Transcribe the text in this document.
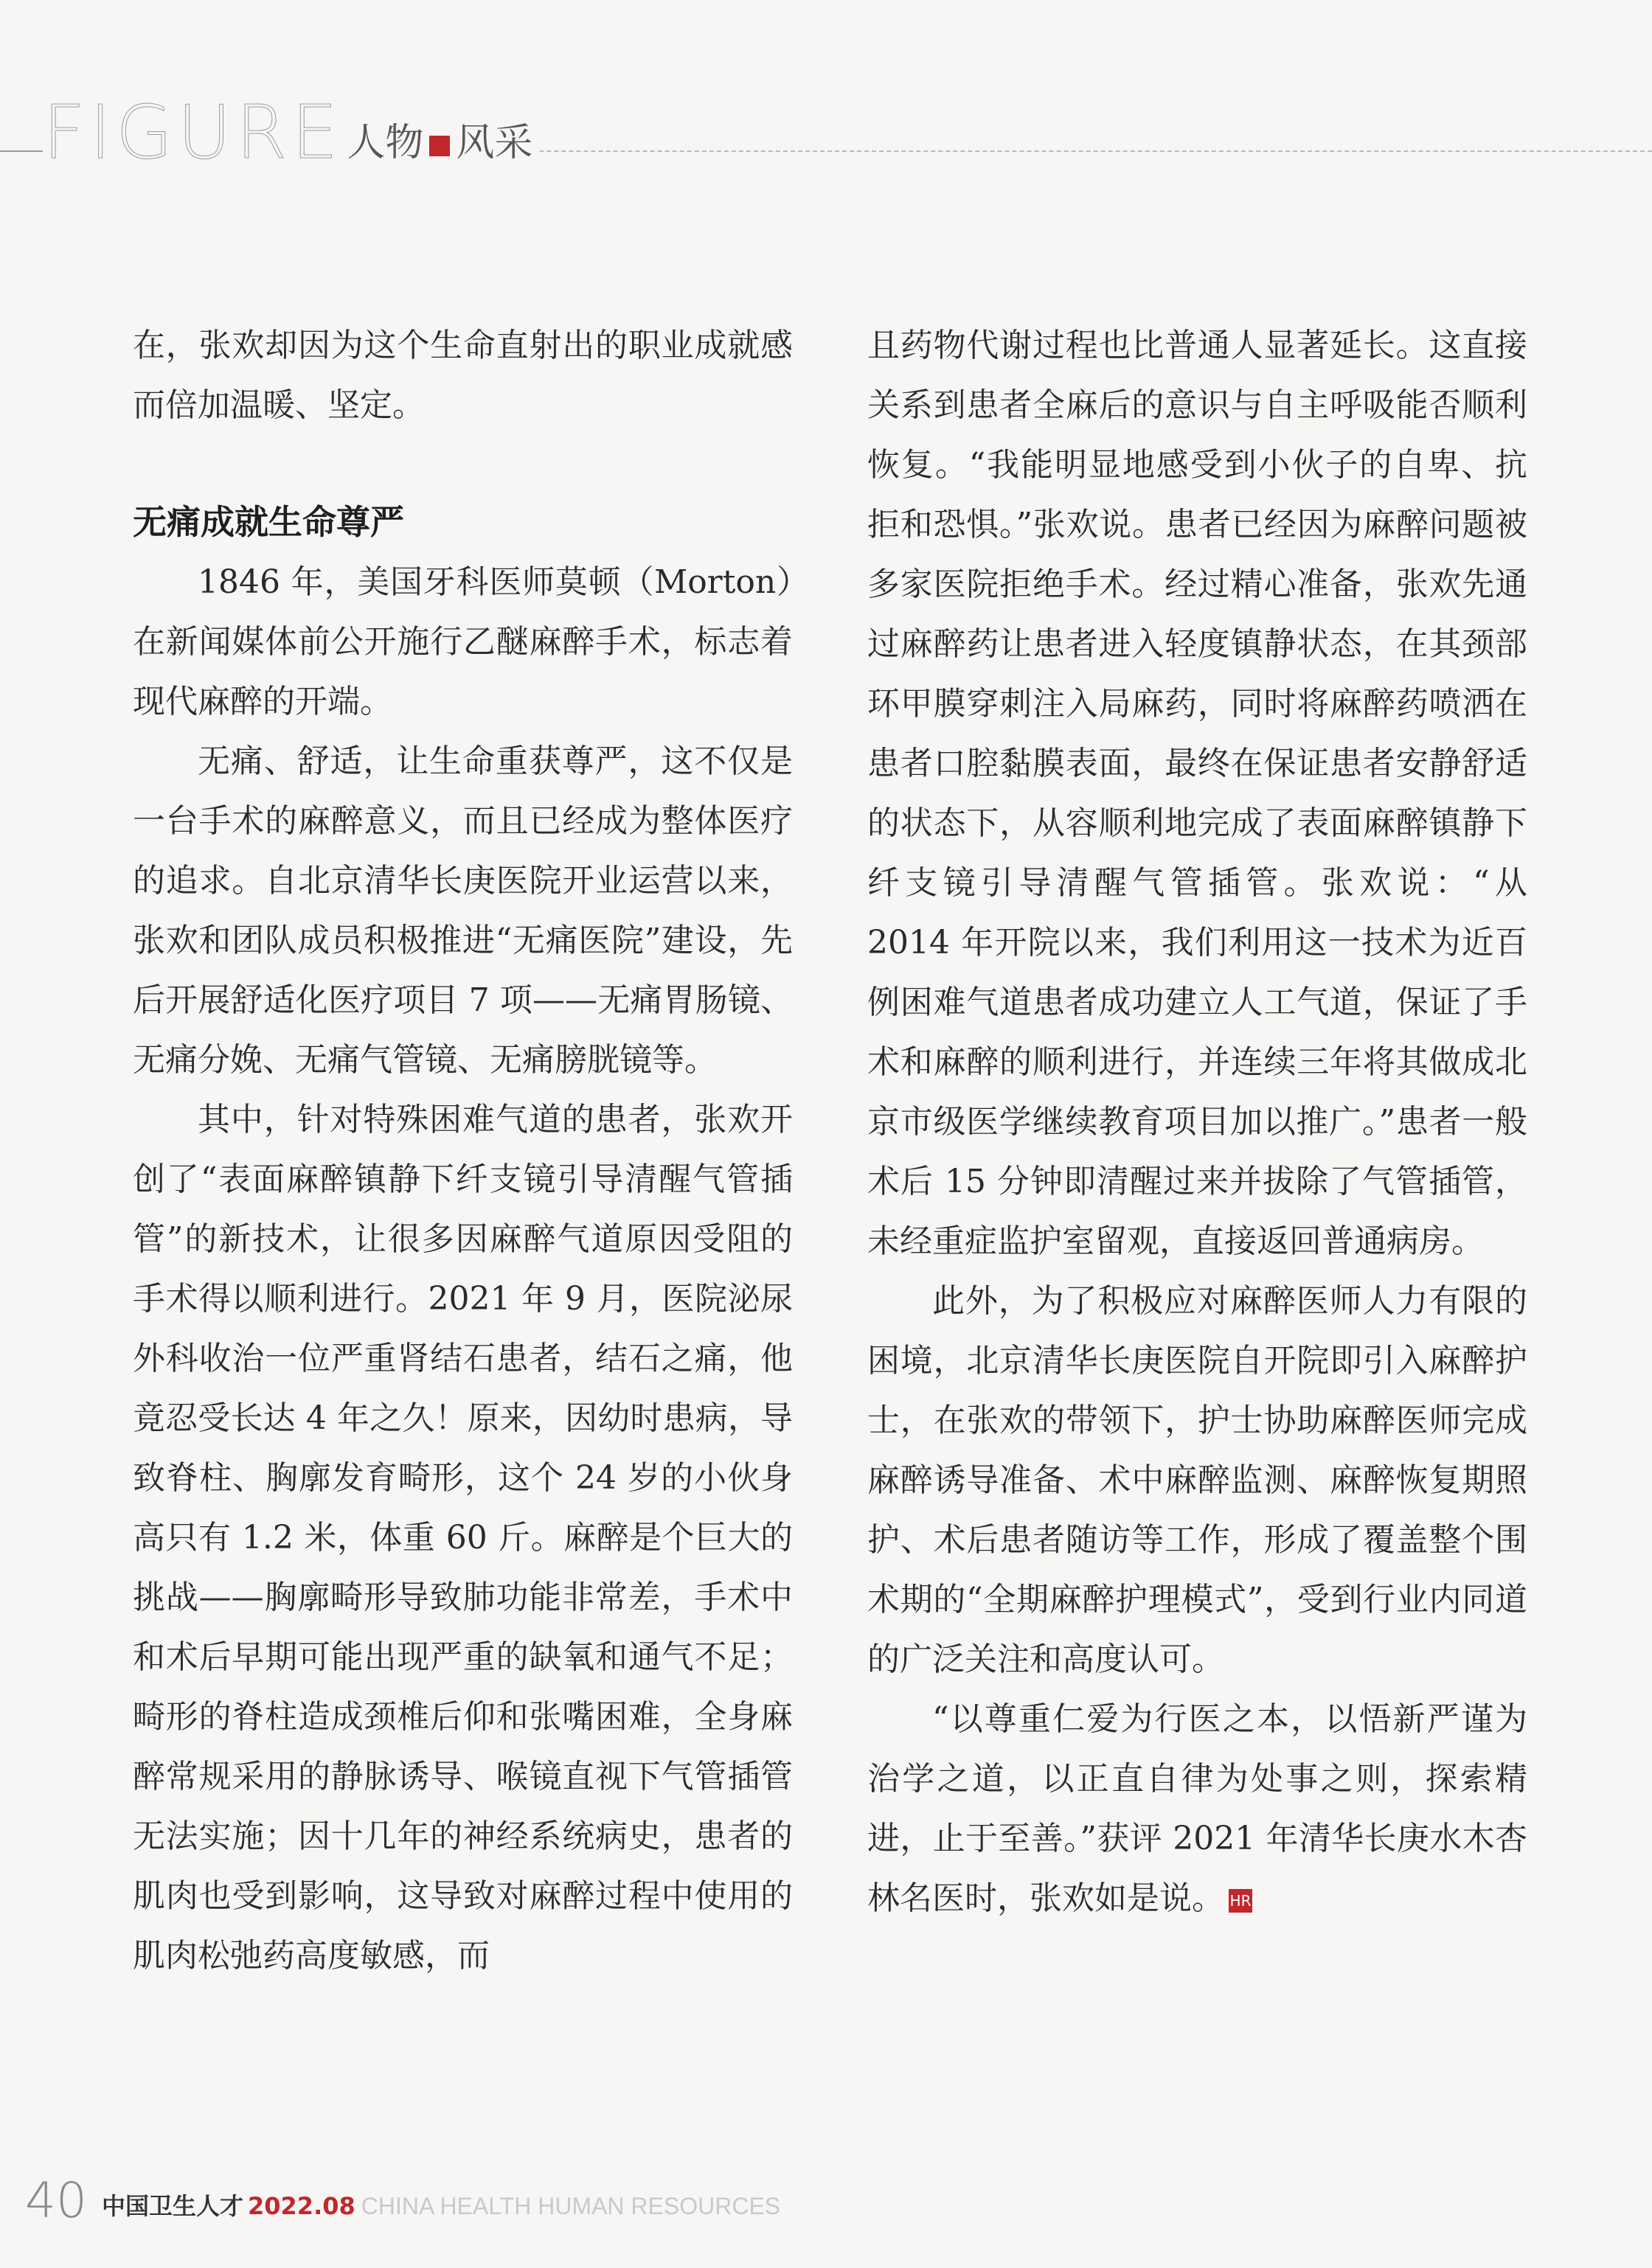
FIGURE 人物 风采

在，张欢却因为这个生命直射出的职业成就感而倍加温暖、坚定。

无痛成就生命尊严

1846 年，美国牙科医师莫顿（Morton）在新闻媒体前公开施行乙醚麻醉手术，标志着现代麻醉的开端。

无痛、舒适，让生命重获尊严，这不仅是一台手术的麻醉意义，而且已经成为整体医疗的追求。自北京清华长庚医院开业运营以来，张欢和团队成员积极推进“无痛医院”建设，先后开展舒适化医疗项目 7 项——无痛胃肠镜、无痛分娩、无痛气管镜、无痛膀胱镜等。

其中，针对特殊困难气道的患者，张欢开创了“表面麻醉镇静下纤支镜引导清醒气管插管”的新技术，让很多因麻醉气道原因受阻的手术得以顺利进行。2021 年 9 月，医院泌尿外科收治一位严重肾结石患者，结石之痛，他竟忍受长达 4 年之久！原来，因幼时患病，导致脊柱、胸廓发育畸形，这个 24 岁的小伙身高只有 1.2 米，体重 60 斤。麻醉是个巨大的挑战——胸廓畸形导致肺功能非常差，手术中和术后早期可能出现严重的缺氧和通气不足；畸形的脊柱造成颈椎后仰和张嘴困难，全身麻醉常规采用的静脉诱导、喉镜直视下气管插管无法实施；因十几年的神经系统病史，患者的肌肉也受到影响，这导致对麻醉过程中使用的肌肉松弛药高度敏感，而

且药物代谢过程也比普通人显著延长。这直接关系到患者全麻后的意识与自主呼吸能否顺利恢复。“我能明显地感受到小伙子的自卑、抗拒和恐惧。”张欢说。患者已经因为麻醉问题被多家医院拒绝手术。经过精心准备，张欢先通过麻醉药让患者进入轻度镇静状态，在其颈部环甲膜穿刺注入局麻药，同时将麻醉药喷洒在患者口腔黏膜表面，最终在保证患者安静舒适的状态下，从容顺利地完成了表面麻醉镇静下纤支镜引导清醒气管插管。张欢说：“从 2014 年开院以来，我们利用这一技术为近百例困难气道患者成功建立人工气道，保证了手术和麻醉的顺利进行，并连续三年将其做成北京市级医学继续教育项目加以推广。”患者一般术后 15 分钟即清醒过来并拔除了气管插管，未经重症监护室留观，直接返回普通病房。

此外，为了积极应对麻醉医师人力有限的困境，北京清华长庚医院自开院即引入麻醉护士，在张欢的带领下，护士协助麻醉医师完成麻醉诱导准备、术中麻醉监测、麻醉恢复期照护、术后患者随访等工作，形成了覆盖整个围术期的“全期麻醉护理模式”，受到行业内同道的广泛关注和高度认可。

“以尊重仁爱为行医之本，以悟新严谨为治学之道，以正直自律为处事之则，探索精进，止于至善。”获评 2021 年清华长庚水木杏林名医时，张欢如是说。 HR

40 中国卫生人才 2022.08 CHINA HEALTH HUMAN RESOURCES
